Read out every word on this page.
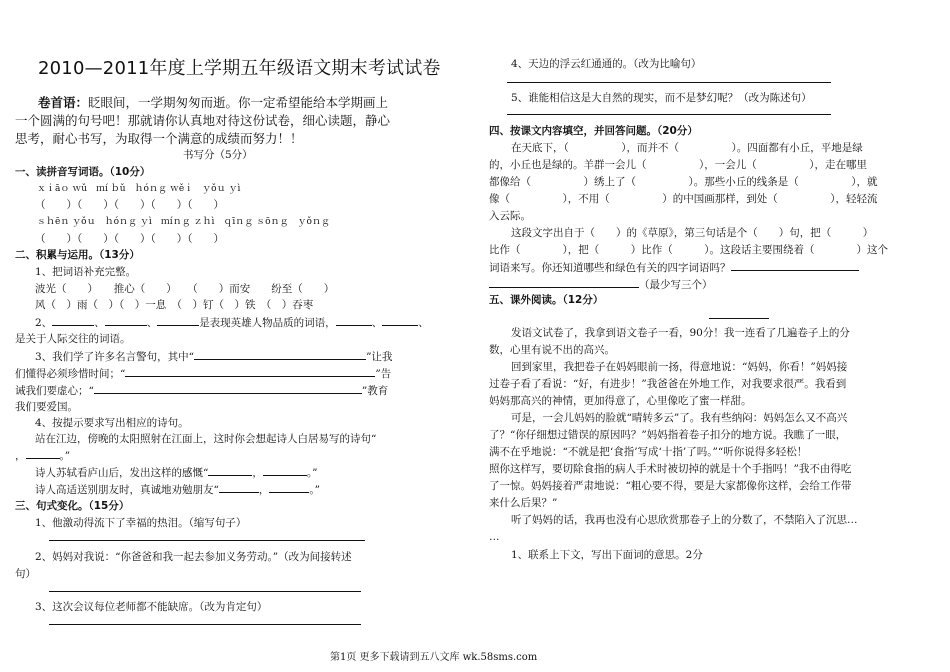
2010—2011年度上学期五年级语文期末考试试卷
卷首语：眨眼间，一学期匆匆而逝。你一定希望能给本学期画上
一个圆满的句号吧！那就请你认真地对待这份试卷，细心读题，静心
思考，耐心书写，为取得一个满意的成绩而努力！！
书写分（5分）
一、读拼音写词语。（10分）
ｘｉāｏ ｗǔ　ｍí ｂǔ　ｈóｎｇ ｗěｉ　ｙǒｕ ｙì
（　　）（　　）（　　）（　　）（　　）
ｓｈēｎ ｙǒｕ　ｈóｎｇ ｙì　ｍíｎｇ ｚｈì　ｑīｎｇ ｓōｎｇ　ｙǒｎｇ
（　　）（　　）（　　）（　　）（　　）
二、积累与运用。（13分）
1、把词语补充完整。
波光（　　）　　推心（　　）　　（　　）而安　　纷至（　　）
风（　）雨（　）（　）一息　（　）钉（　）铁　（　）吞枣
2、	、	、	是表现英雄人物品质的词语，	、	、
是关于人际交往的词语。
3、我们学了许多名言警句，其中“	”让我
们懂得必须珍惜时间；“	”告
诫我们要虚心；“	”教育
我们要爱国。
4、按提示要求写出相应的诗句。
站在江边，傍晚的太阳照射在江面上，这时你会想起诗人白居易写的诗句“
，	。”
诗人苏轼看庐山后，发出这样的感慨“	，	。”
诗人高适送别朋友时，真诚地劝勉朋友“	，	。”
三、句式变化。（15分）
1、他激动得流下了幸福的热泪。（缩写句子）
2、妈妈对我说：“你爸爸和我一起去参加义务劳动。”（改为间接转述
句）
3、这次会议每位老师都不能缺席。（改为肯定句）
4、天边的浮云红通通的。（改为比喻句）
5、谁能相信这是大自然的现实，而不是梦幻呢？（改为陈述句）
四、按课文内容填空，并回答问题。（20分）
在天底下，（　　　　　），而并不（　　　　　）。四面都有小丘，平地是绿
的，小丘也是绿的。羊群一会儿（　　　　　），一会儿（　　　　　），走在哪里
都像给（　　　　　）绣上了（　　　　　）。那些小丘的线条是（　　　　　），就
像（　　　　　），不用（　　　　　）的中国画那样，到处（　　　　　），轻轻流
入云际。
这段文字出自于（　　）的《草原》，第三句话是个（　　）句，把（　　　）
比作（　　　　），把（　　　）比作（　　　）。这段话主要围绕着（　　　　）这个
词语来写。你还知道哪些和绿色有关的四字词语吗？
（最少写三个）
五、课外阅读。（12分）
发语文试卷了，我拿到语文卷子一看，90分！我一连看了几遍卷子上的分
数，心里有说不出的高兴。
回到家里，我把卷子在妈妈眼前一扬，得意地说：“妈妈，你看！”妈妈接
过卷子看了看说：“好，有进步！”我爸爸在外地工作，对我要求很严。我看到
妈妈那高兴的神情，更加得意了，心里像吃了蜜一样甜。
可是，一会儿妈妈的脸就“晴转多云”了。我有些纳闷：妈妈怎么又不高兴
了？“你仔细想过错误的原因吗？”妈妈指着卷子扣分的地方说。我瞧了一眼，
满不在乎地说：“不就是把‘食指’写成‘十指’了吗。”“听你说得多轻松！
照你这样写，要切除食指的病人手术时被切掉的就是十个手指吗！”我不由得吃
了一惊。妈妈接着严肃地说：“粗心要不得，要是大家都像你这样，会给工作带
来什么后果？”
听了妈妈的话，我再也没有心思欣赏那卷子上的分数了，不禁陷入了沉思…
…
1、联系上下文，写出下面词的意思。2分
第1页 更多下载请到五八文库 wk.58sms.com
